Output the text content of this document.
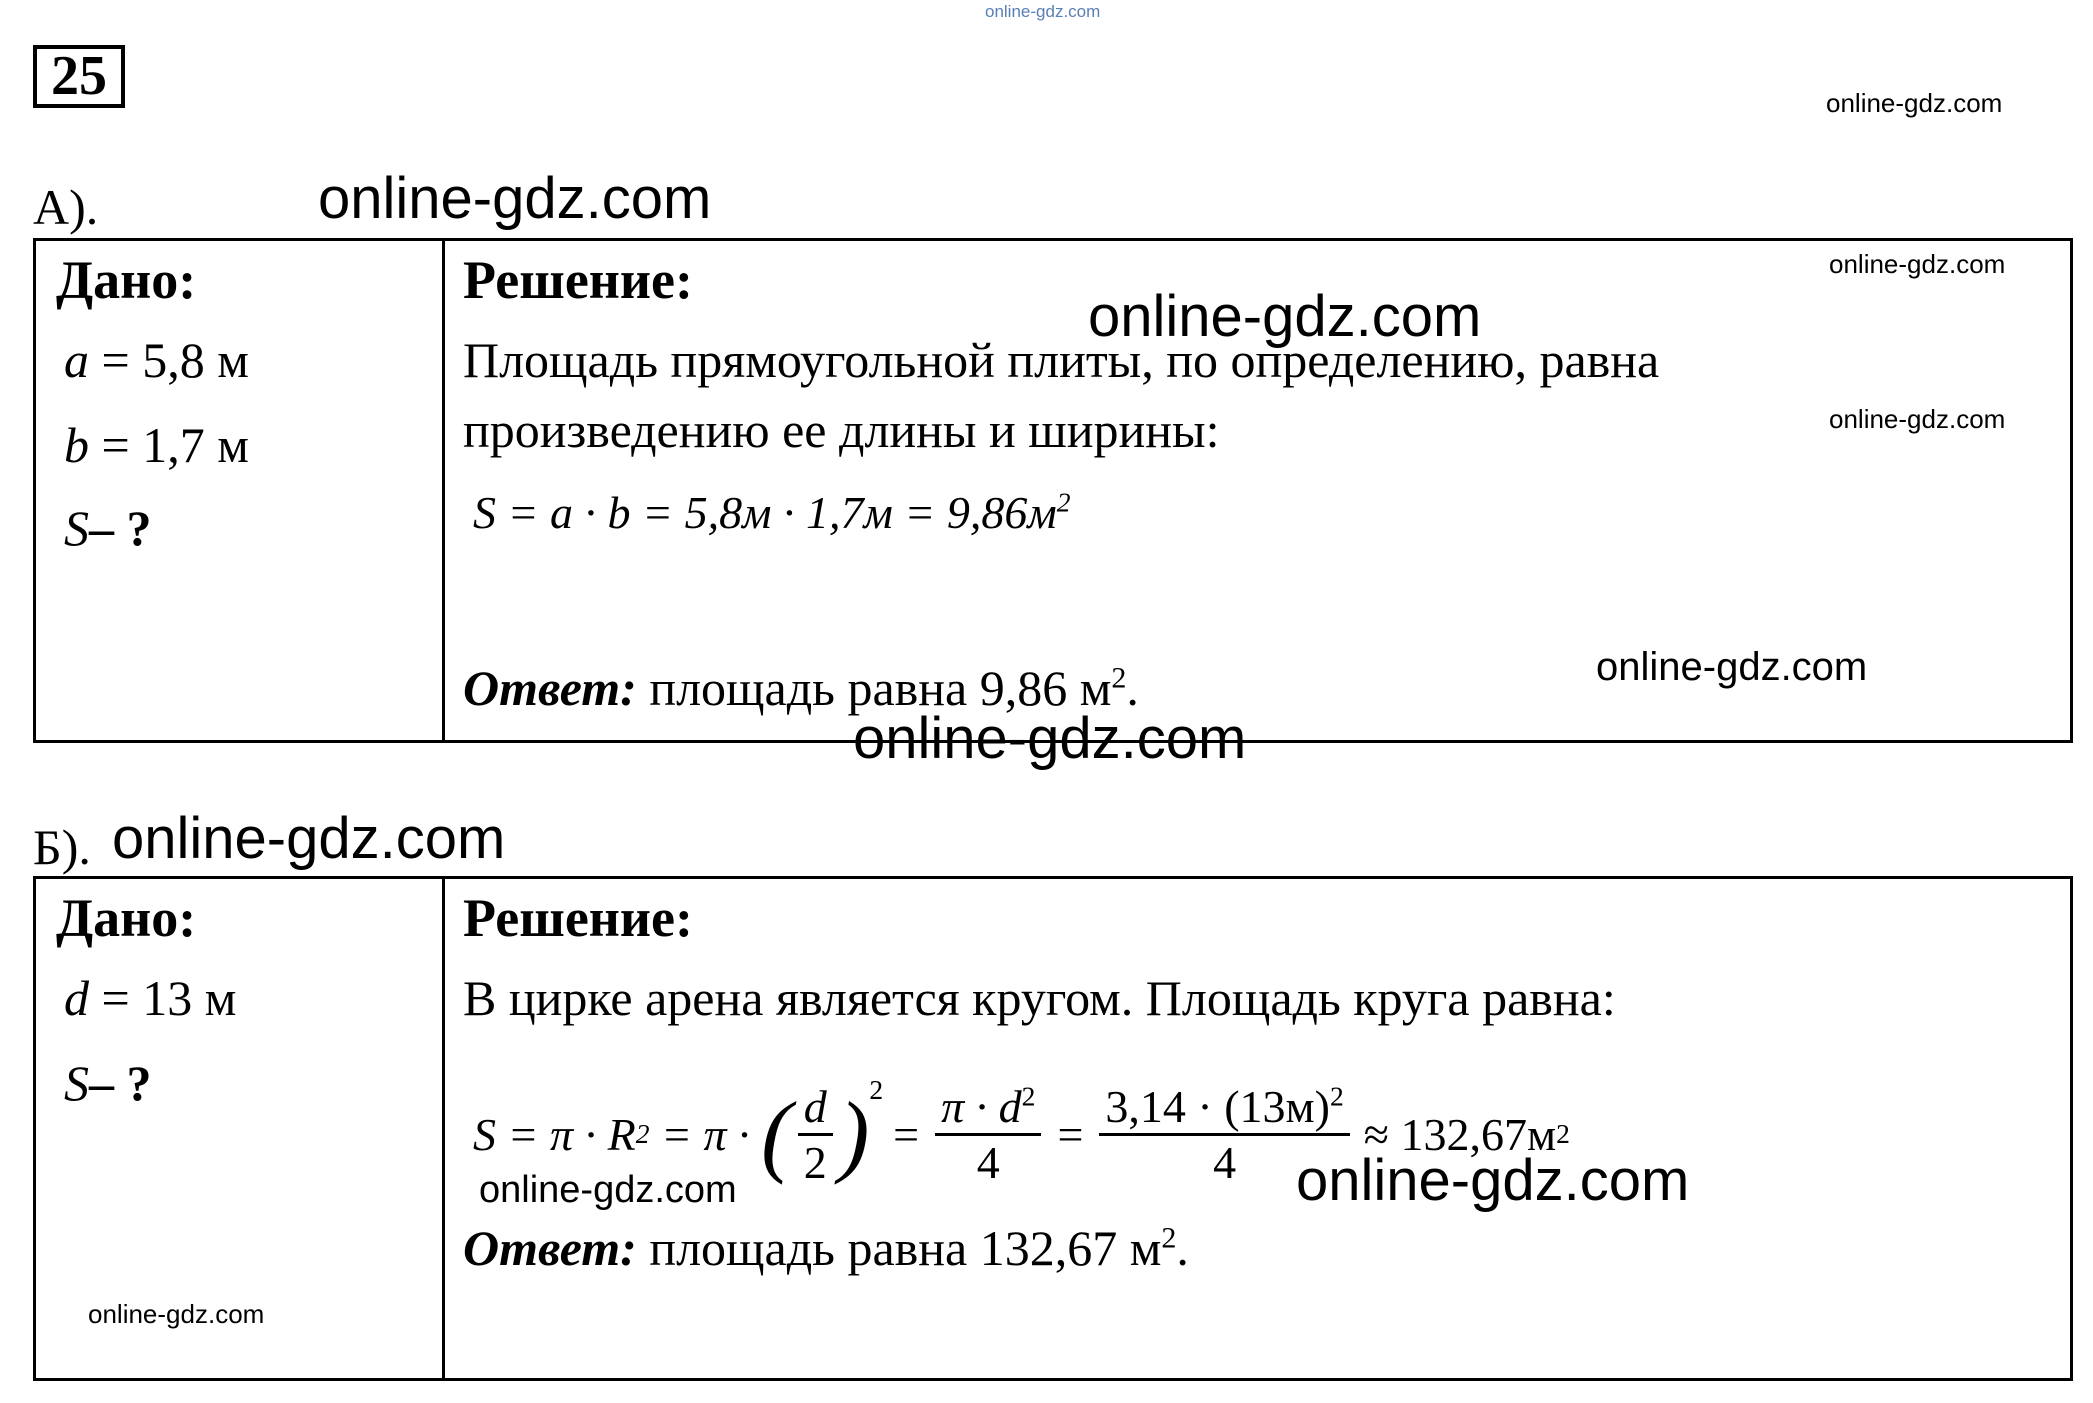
online-gdz.com
25	online-gdz.com
А).	online-gdz.com
Дано:
a = 5,8 м
b = 1,7 м
S– ?
Решение:
Площадь прямоугольной плиты, по определению, равна
произведению ее длины и ширины:
$S = a \cdot b = 5,8м \cdot 1,7м = 9,86м^2$
Ответ: площадь равна 9,86 $м^2$.
online-gdz.com
online-gdz.com
online-gdz.com
online-gdz.com
online-gdz.com
Б). online-gdz.com
Дано:
d = 13 м
S– ?
Решение:
В цирке арена является кругом. Площадь круга равна:
S = π · R 2 = π · ( $\frac{d}{2} )^2$
= $\frac{\pi \cdot d^2}{4} = \frac{3,14 \cdot (13м)^2}{4} \approx 132,67м$ 2
Ответ: площадь равна 132,67 $м^2$.
online-gdz.com	online-gdz.com
online-gdz.com
